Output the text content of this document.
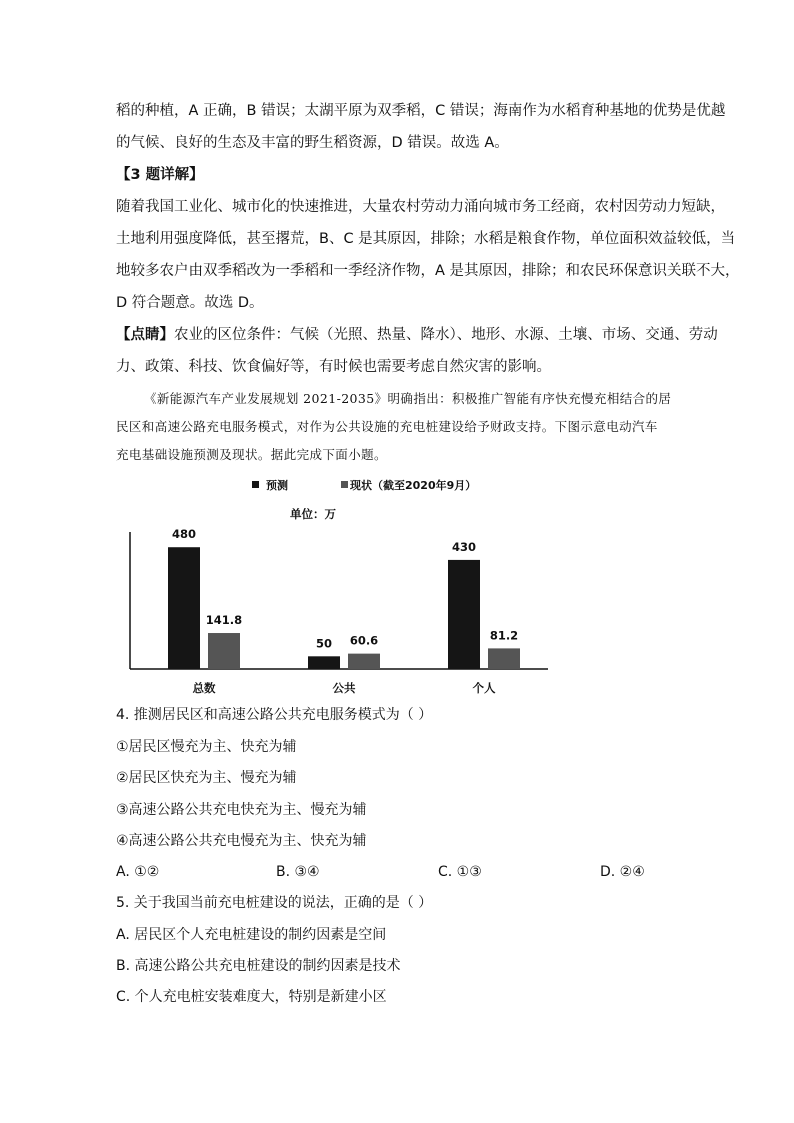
稻的种植，A 正确，B 错误；太湖平原为双季稻，C 错误；海南作为水稻育种基地的优势是优越
的气候、良好的生态及丰富的野生稻资源，D 错误。故选 A。
【3 题详解】
随着我国工业化、城市化的快速推进，大量农村劳动力涌向城市务工经商，农村因劳动力短缺，
土地利用强度降低，甚至撂荒，B、C 是其原因，排除；水稻是粮食作物，单位面积效益较低，当
地较多农户由双季稻改为一季稻和一季经济作物，A 是其原因，排除；和农民环保意识关联不大，
D 符合题意。故选 D。
【点睛】农业的区位条件：气候（光照、热量、降水）、地形、水源、土壤、市场、交通、劳动
力、政策、科技、饮食偏好等，有时候也需要考虑自然灾害的影响。
《新能源汽车产业发展规划 2021-2035》明确指出：积极推广智能有序快充慢充相结合的居
民区和高速公路充电服务模式，对作为公共设施的充电桩建设给予财政支持。下图示意电动汽车
充电基础设施预测及现状。据此完成下面小题。
预测	现状（截至2020年9月）
单位：万
480
141.8
总数
50 60.6
公共
430
81.2
个人
4. 推测居民区和高速公路公共充电服务模式为（ ）
①居民区慢充为主、快充为辅
②居民区快充为主、慢充为辅
③高速公路公共充电快充为主、慢充为辅
④高速公路公共充电慢充为主、快充为辅
A. ①②	B. ③④	C. ①③	D. ②④
5. 关于我国当前充电桩建设的说法，正确的是（ ）
A. 居民区个人充电桩建设的制约因素是空间
B. 高速公路公共充电桩建设的制约因素是技术
C. 个人充电桩安装难度大，特别是新建小区
